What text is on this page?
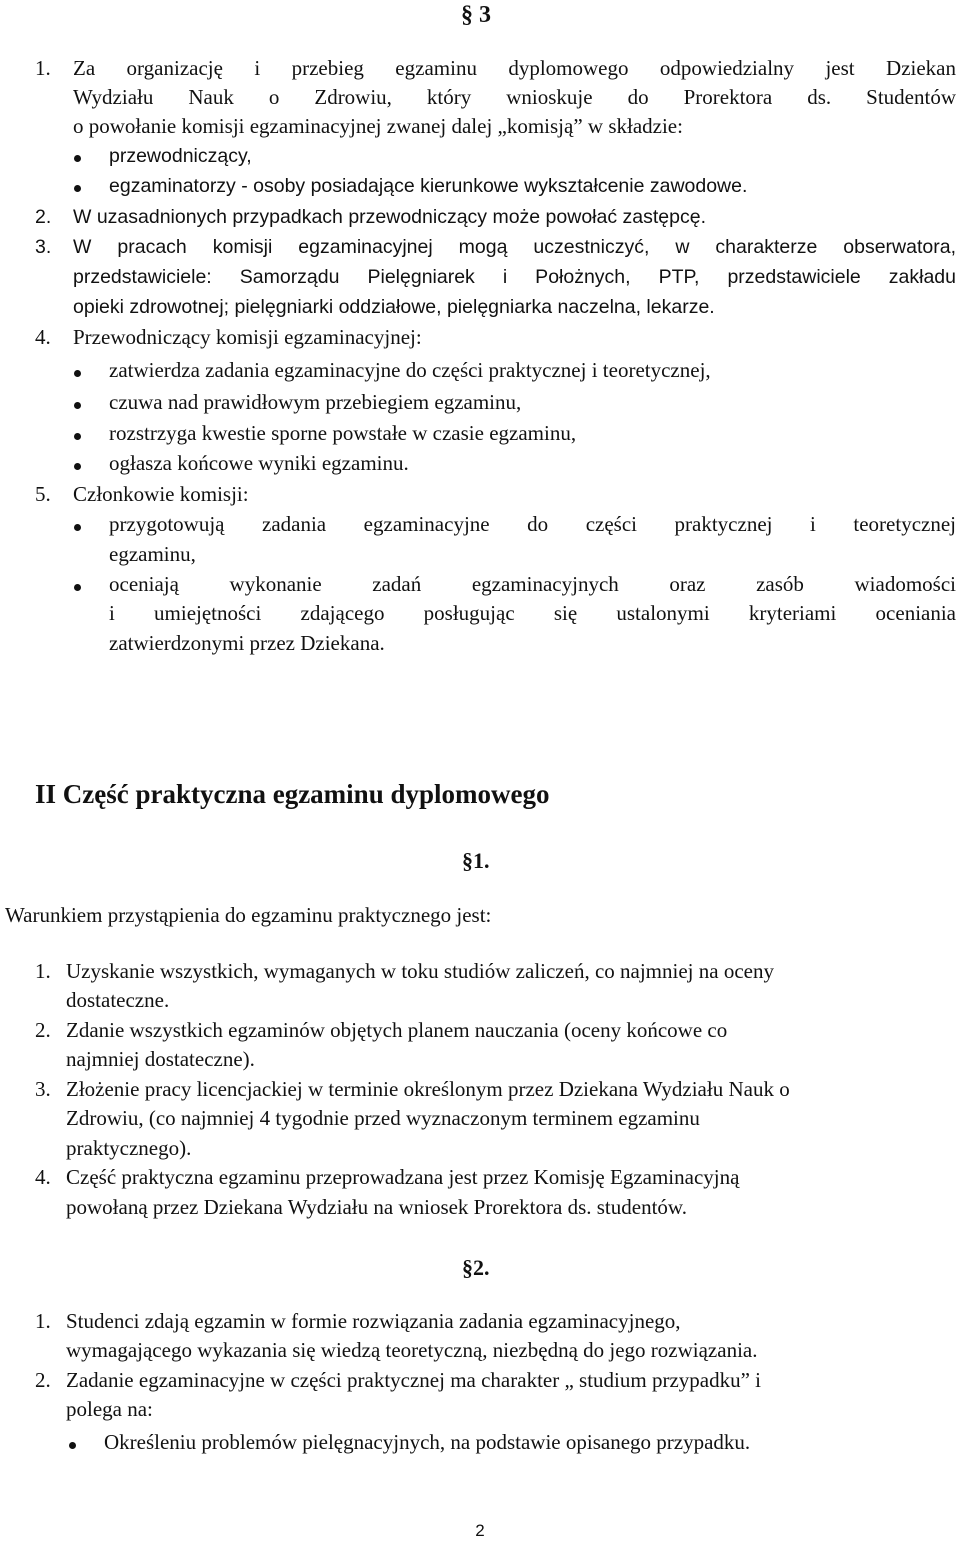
§ 3
1. Za organizację i przebieg egzaminu dyplomowego odpowiedzialny jest Dziekan
Wydziału Nauk o Zdrowiu, który wnioskuje do Prorektora ds. Studentów
o powołanie komisji egzaminacyjnej zwanej dalej „komisją” w składzie:
przewodniczący,
egzaminatorzy - osoby posiadające kierunkowe wykształcenie zawodowe.
2. W uzasadnionych przypadkach przewodniczący może powołać zastępcę.
3. W pracach komisji egzaminacyjnej mogą uczestniczyć, w charakterze obserwatora,
przedstawiciele: Samorządu Pielęgniarek i Położnych, PTP, przedstawiciele zakładu
opieki zdrowotnej; pielęgniarki oddziałowe, pielęgniarka naczelna, lekarze.
4. Przewodniczący komisji egzaminacyjnej:
zatwierdza zadania egzaminacyjne do części praktycznej i teoretycznej,
czuwa nad prawidłowym przebiegiem egzaminu,
rozstrzyga kwestie sporne powstałe w czasie egzaminu,
ogłasza końcowe wyniki egzaminu.
5. Członkowie komisji:
przygotowują zadania egzaminacyjne do części praktycznej i teoretycznej
egzaminu,
oceniają wykonanie zadań egzaminacyjnych oraz zasób wiadomości
i umiejętności zdającego posługując się ustalonymi kryteriami oceniania
zatwierdzonymi przez Dziekana.
II Część praktyczna egzaminu dyplomowego
§1.
Warunkiem przystąpienia do egzaminu praktycznego jest:
1. Uzyskanie wszystkich, wymaganych w toku studiów zaliczeń, co najmniej na oceny
dostateczne.
2. Zdanie wszystkich egzaminów objętych planem nauczania (oceny końcowe co
najmniej dostateczne).
3. Złożenie pracy licencjackiej w terminie określonym przez Dziekana Wydziału Nauk o
Zdrowiu, (co najmniej 4 tygodnie przed wyznaczonym terminem egzaminu
praktycznego).
4. Część praktyczna egzaminu przeprowadzana jest przez Komisję Egzaminacyjną
powołaną przez Dziekana Wydziału na wniosek Prorektora ds. studentów.
§2.
1. Studenci zdają egzamin w formie rozwiązania zadania egzaminacyjnego,
wymagającego wykazania się wiedzą teoretyczną, niezbędną do jego rozwiązania.
2. Zadanie egzaminacyjne w części praktycznej ma charakter „ studium przypadku” i
polega na:
Określeniu problemów pielęgnacyjnych, na podstawie opisanego przypadku.
2
